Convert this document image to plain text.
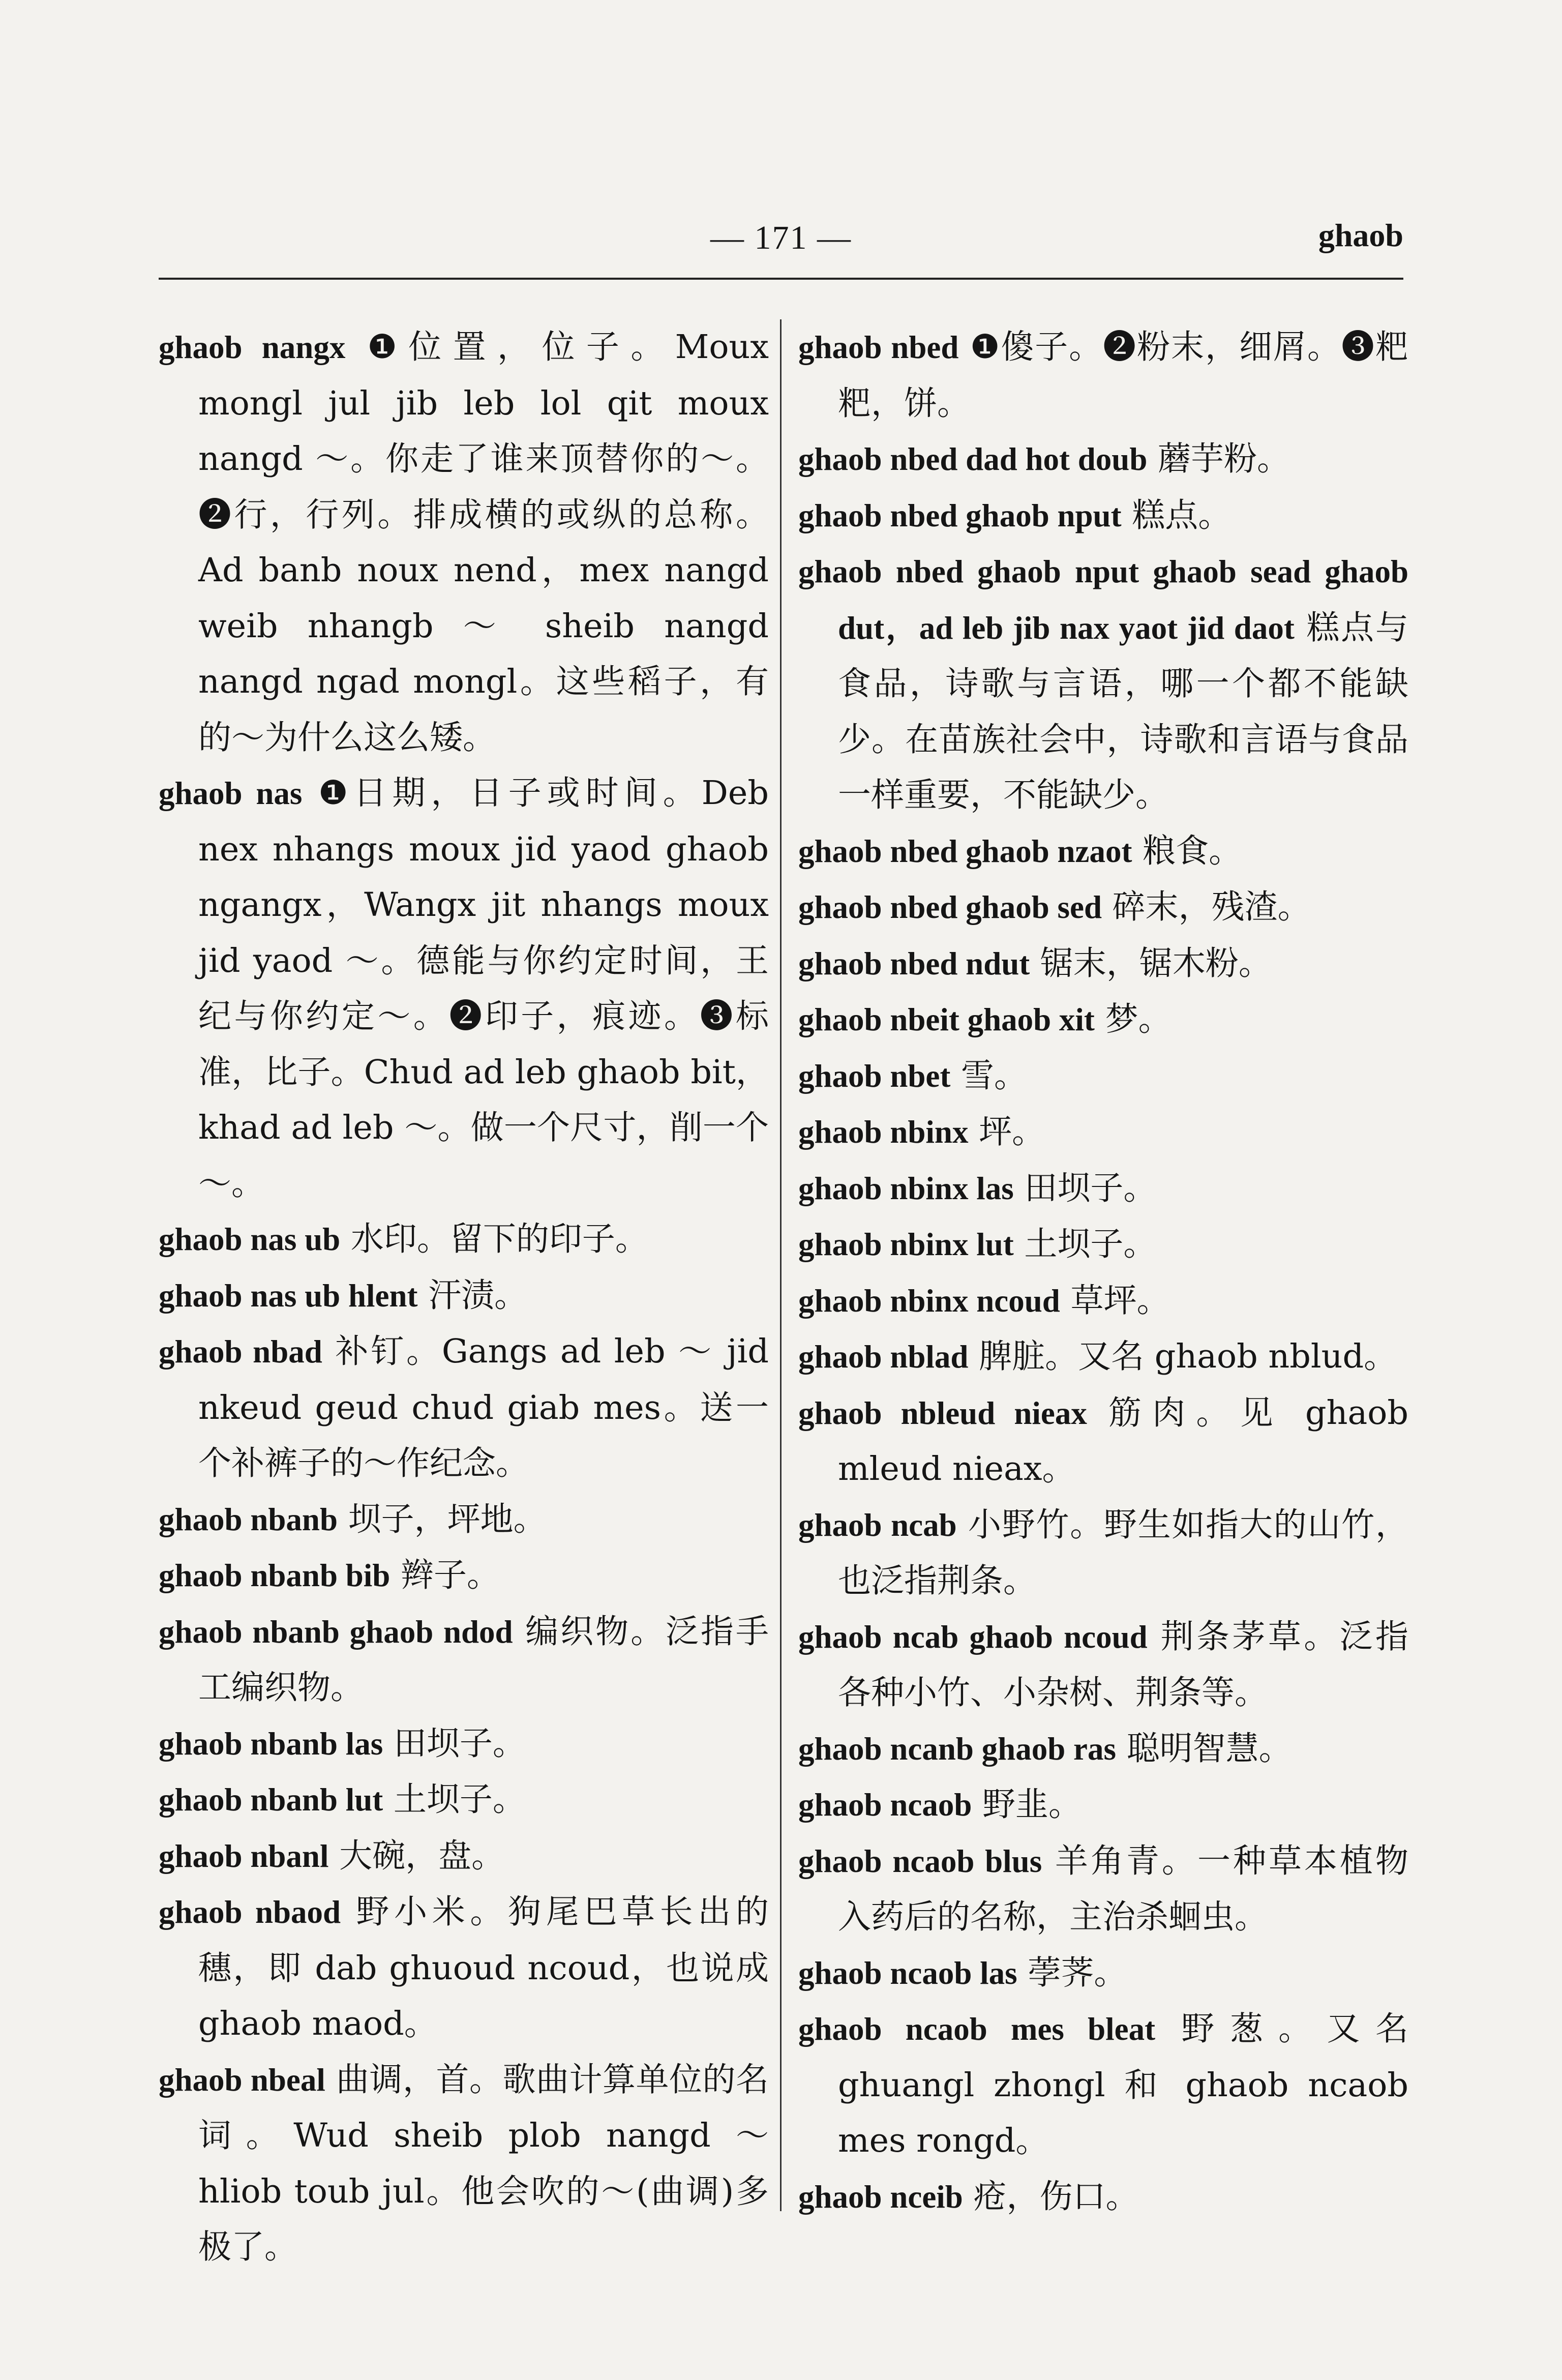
— 171 —	ghaob

ghaob nangx ❶位置，位子。Moux mongl jul jib leb lol qit moux nangd ～。你走了谁来顶替你的～。❷行，行列。排成横的或纵的总称。Ad banb noux nend，mex nangd weib nhangb ～ sheib nangd nangd ngad mongl。这些稻子，有的～为什么这么矮。

ghaob nas ❶日期，日子或时间。Deb nex nhangs moux jid yaod ghaob ngangx，Wangx jit nhangs moux jid yaod ～。德能与你约定时间，王纪与你约定～。❷印子，痕迹。❸标准，比子。Chud ad leb ghaob bit，khad ad leb ～。做一个尺寸，削一个～。

ghaob nas ub 水印。留下的印子。

ghaob nas ub hlent 汗渍。

ghaob nbad 补钉。Gangs ad leb ～ jid nkeud geud chud giab mes。送一个补裤子的～作纪念。

ghaob nbanb 坝子，坪地。

ghaob nbanb bib 辫子。

ghaob nbanb ghaob ndod 编织物。泛指手工编织物。

ghaob nbanb las 田坝子。

ghaob nbanb lut 土坝子。

ghaob nbanl 大碗，盘。

ghaob nbaod 野小米。狗尾巴草长出的穗，即 dab ghuoud ncoud，也说成 ghaob maod。

ghaob nbeal 曲调，首。歌曲计算单位的名词。Wud sheib plob nangd ～ hliob toub jul。他会吹的～(曲调)多极了。

ghaob nbed ❶傻子。❷粉末，细屑。❸粑粑，饼。

ghaob nbed dad hot doub 蘑芋粉。

ghaob nbed ghaob nput 糕点。

ghaob nbed ghaob nput ghaob sead ghaob dut，ad leb jib nax yaot jid daot 糕点与食品，诗歌与言语，哪一个都不能缺少。在苗族社会中，诗歌和言语与食品一样重要，不能缺少。

ghaob nbed ghaob nzaot 粮食。

ghaob nbed ghaob sed 碎末，残渣。

ghaob nbed ndut 锯末，锯木粉。

ghaob nbeit ghaob xit 梦。

ghaob nbet 雪。

ghaob nbinx 坪。

ghaob nbinx las 田坝子。

ghaob nbinx lut 土坝子。

ghaob nbinx ncoud 草坪。

ghaob nblad 脾脏。又名 ghaob nblud。

ghaob nbleud nieax 筋肉。见 ghaob mleud nieax。

ghaob ncab 小野竹。野生如指大的山竹，也泛指荆条。

ghaob ncab ghaob ncoud 荆条茅草。泛指各种小竹、小杂树、荆条等。

ghaob ncanb ghaob ras 聪明智慧。

ghaob ncaob 野韭。

ghaob ncaob blus 羊角青。一种草本植物入药后的名称，主治杀蛔虫。

ghaob ncaob las 荸荠。

ghaob ncaob mes bleat 野葱。又名 ghuangl zhongl 和 ghaob ncaob mes rongd。

ghaob nceib 疮，伤口。
